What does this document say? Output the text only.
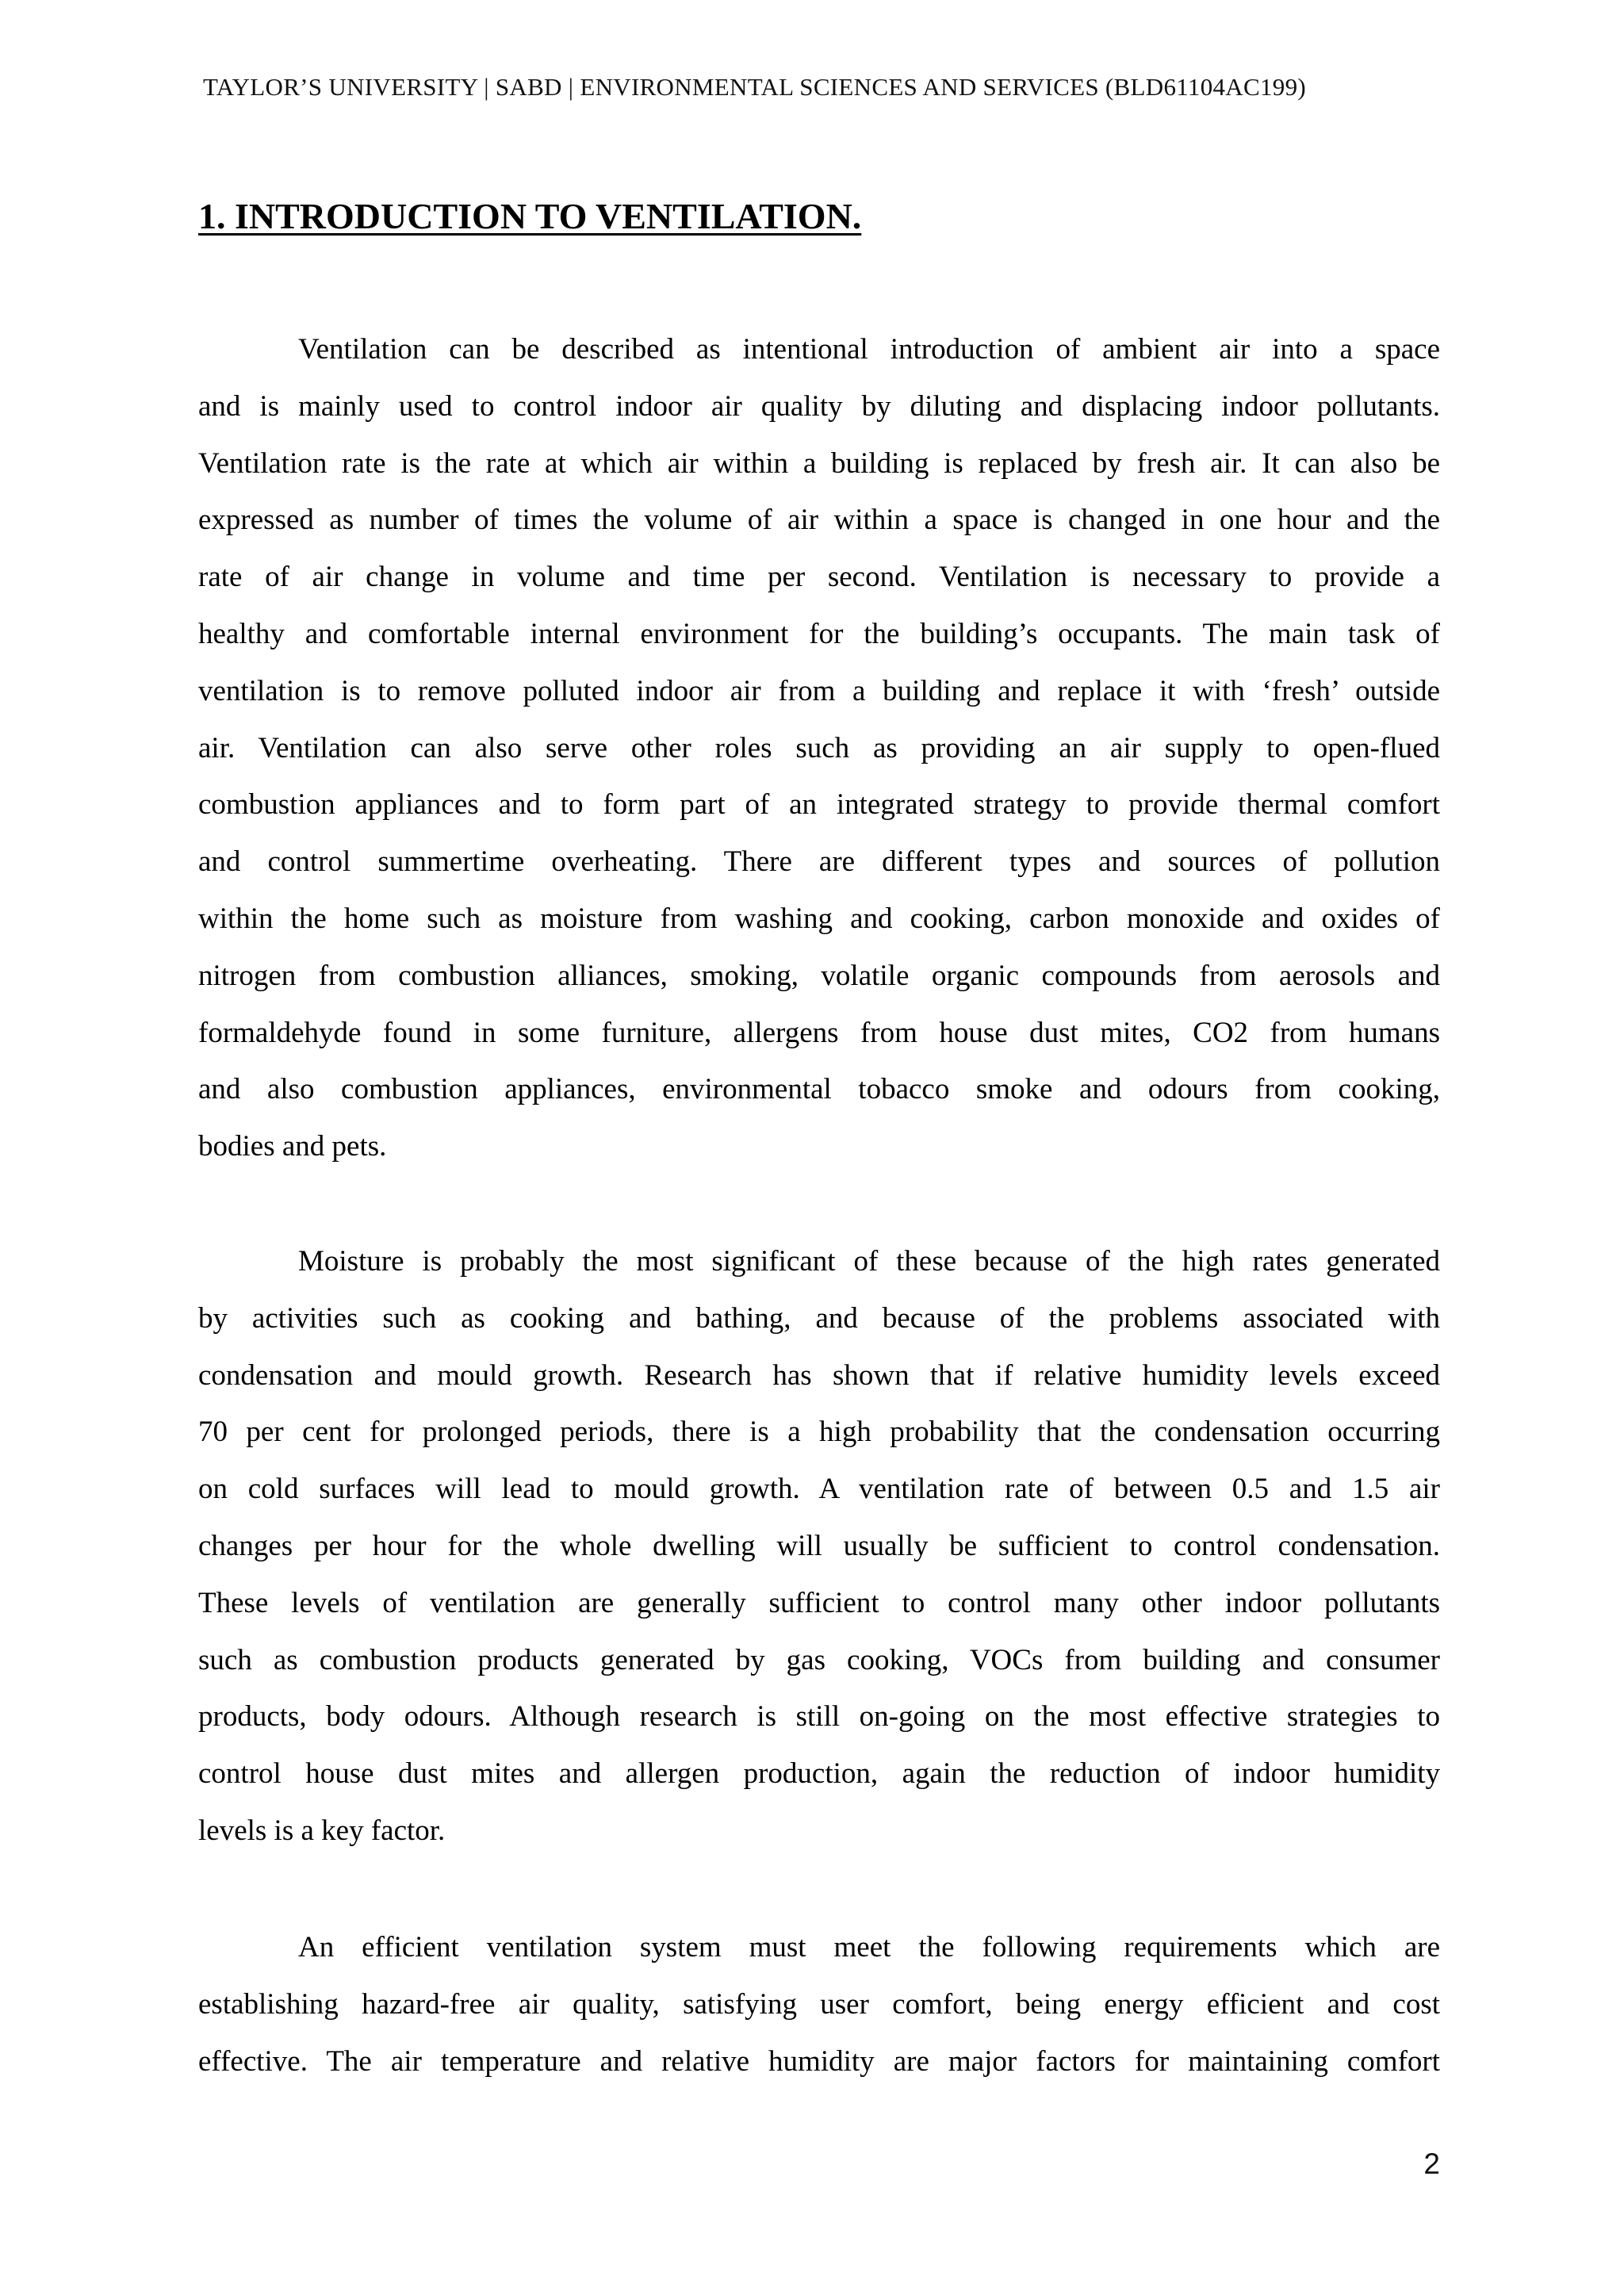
TAYLOR’S UNIVERSITY | SABD | ENVIRONMENTAL SCIENCES AND SERVICES (BLD61104AC199)
1. INTRODUCTION TO VENTILATION.

Ventilation can be described as intentional introduction of ambient air into a space
and is mainly used to control indoor air quality by diluting and displacing indoor pollutants.
Ventilation rate is the rate at which air within a building is replaced by fresh air. It can also be
expressed as number of times the volume of air within a space is changed in one hour and the
rate of air change in volume and time per second. Ventilation is necessary to provide a
healthy and comfortable internal environment for the building’s occupants. The main task of
ventilation is to remove polluted indoor air from a building and replace it with ‘fresh’ outside
air. Ventilation can also serve other roles such as providing an air supply to open-flued
combustion appliances and to form part of an integrated strategy to provide thermal comfort
and control summertime overheating. There are different types and sources of pollution
within the home such as moisture from washing and cooking, carbon monoxide and oxides of
nitrogen from combustion alliances, smoking, volatile organic compounds from aerosols and
formaldehyde found in some furniture, allergens from house dust mites, CO2 from humans
and also combustion appliances, environmental tobacco smoke and odours from cooking,
bodies and pets.

Moisture is probably the most significant of these because of the high rates generated
by activities such as cooking and bathing, and because of the problems associated with
condensation and mould growth. Research has shown that if relative humidity levels exceed
70 per cent for prolonged periods, there is a high probability that the condensation occurring
on cold surfaces will lead to mould growth. A ventilation rate of between 0.5 and 1.5 air
changes per hour for the whole dwelling will usually be sufficient to control condensation.
These levels of ventilation are generally sufficient to control many other indoor pollutants
such as combustion products generated by gas cooking, VOCs from building and consumer
products, body odours. Although research is still on-going on the most effective strategies to
control house dust mites and allergen production, again the reduction of indoor humidity
levels is a key factor.

An efficient ventilation system must meet the following requirements which are
establishing hazard-free air quality, satisfying user comfort, being energy efficient and cost
effective. The air temperature and relative humidity are major factors for maintaining comfort

2
